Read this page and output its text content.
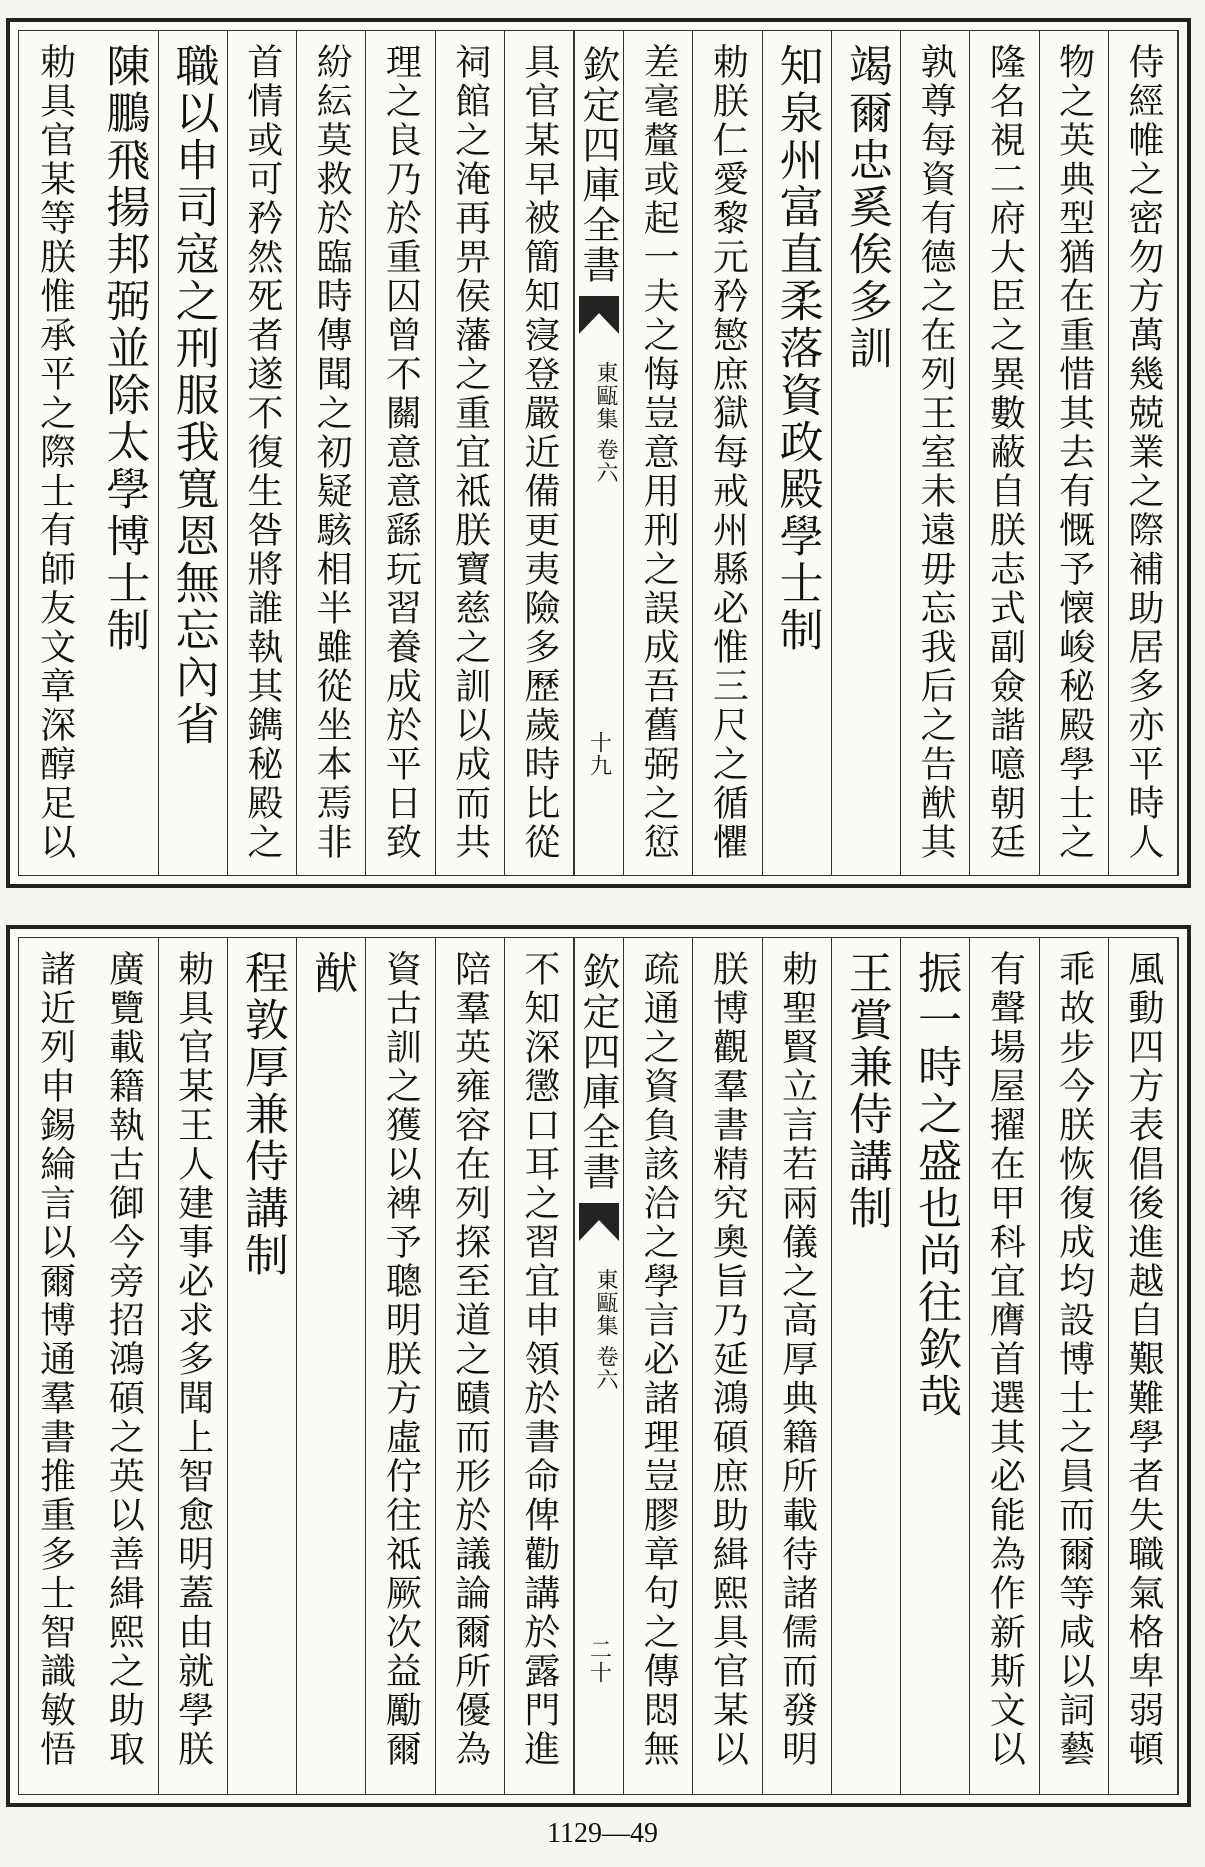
侍經帷之密勿方萬幾兢業之際補助居多亦平時人
物之英典型猶在重惜其去有慨予懐峻秘殿學士之
隆名視二府大臣之異數蔽自朕志式副僉諧噫朝廷
孰尊每資有德之在列王室未遠毋忘我后之告猷其
竭爾忠奚俟多訓
知泉州富直柔落資政殿學士制
勅朕仁愛黎元矜慜庶獄每戒州縣必惟三尺之循懼
差毫釐或起一夫之悔豈意用刑之誤成吾舊弼之愆
具官某早被簡知寖登嚴近備更夷險多歷歲時比從
祠館之淹再畀侯藩之重宜祗朕寶慈之訓以成而共
理之良乃於重囚曾不關意意繇玩習養成於平日致
紛紜莫救於臨時傳聞之初疑駭相半雖從坐本焉非
首情或可矜然死者遂不復生咎將誰執其鐫秘殿之
職以申司寇之刑服我寬恩無忘內省
陳鵬飛揚邦弼並除太學博士制
勅具官某等朕惟承平之際士有師友文章深醇足以	欽定四庫全書
東甌集 卷六
十九
風動四方表倡後進越自艱難學者失職氣格卑弱頓
乖故步今朕恢復成均設博士之員而爾等咸以詞藝
有聲場屋擢在甲科宜膺首選其必能為作新斯文以
振一時之盛也尚往欽哉
王賞兼侍講制
勅聖賢立言若兩儀之高厚典籍所載待諸儒而發明
朕博觀羣書精究奧旨乃延鴻碩庶助緝熙具官某以
疏通之資負該洽之學言必諸理豈膠章句之傳悶無
不知深懲口耳之習宜申領於書命俾勸講於露門進
陪羣英雍容在列探至道之賾而形於議論爾所優為
資古訓之獲以裨予聰明朕方虛佇往祗厥次益勵爾
猷
程敦厚兼侍講制
勅具官某王人建事必求多聞上智愈明蓋由就學朕
廣覽載籍執古御今旁招鴻碩之英以善緝熙之助取
諸近列申錫綸言以爾博通羣書推重多士智識敏悟	欽定四庫全書
東甌集 卷六
二十
1129—49
